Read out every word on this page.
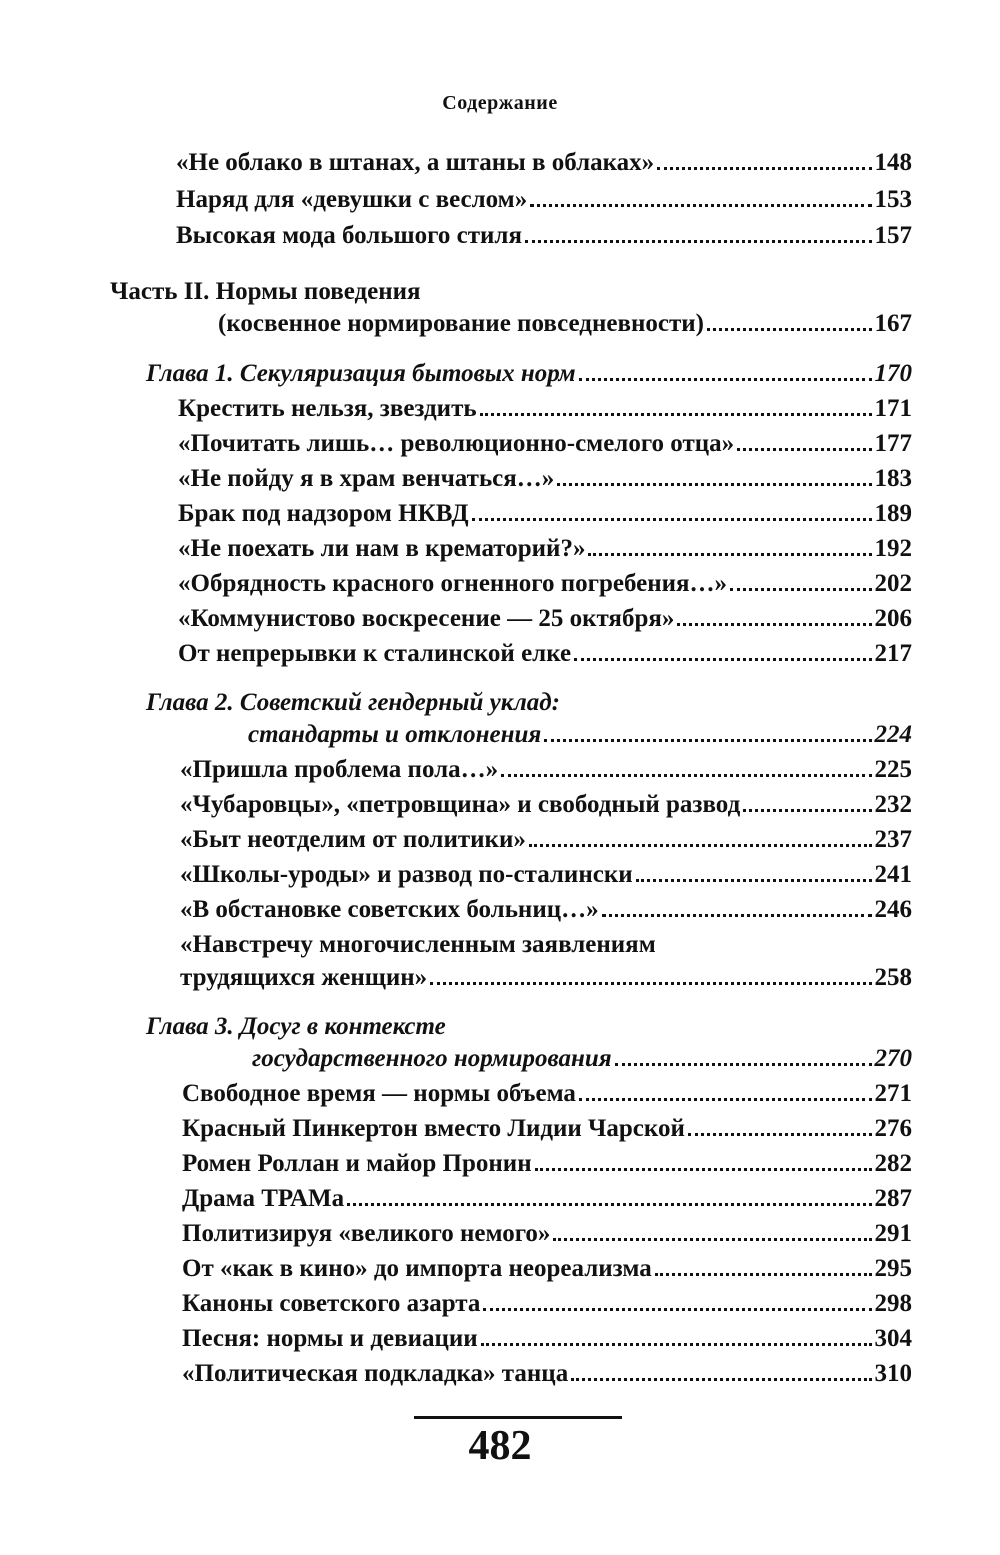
Содержание
«Не облако в штанах, а штаны в облаках»	148
Наряд для «девушки с веслом»	153
Высокая мода большого стиля	157
Часть II. Нормы поведения
(косвенное нормирование повседневности)	167
Глава 1. Секуляризация бытовых норм	170
Крестить нельзя, звездить	171
«Почитать лишь… революционно-смелого отца»	177
«Не пойду я в храм венчаться…»	183
Брак под надзором НКВД	189
«Не поехать ли нам в крематорий?»	192
«Обрядность красного огненного погребения…»	202
«Коммунистово воскресение — 25 октября»	206
От непрерывки к сталинской елке	217
Глава 2. Советский гендерный уклад:
стандарты и отклонения	224
«Пришла проблема пола…»	225
«Чубаровцы», «петровщина» и свободный развод	232
«Быт неотделим от политики»	237
«Школы-уроды» и развод по-сталински	241
«В обстановке советских больниц…»	246
«Навстречу многочисленным заявлениям
трудящихся женщин»	258
Глава 3. Досуг в контексте
государственного нормирования	270
Свободное время — нормы объема	271
Красный Пинкертон вместо Лидии Чарской	276
Ромен Роллан и майор Пронин	282
Драма ТРАМа	287
Политизируя «великого немого»	291
От «как в кино» до импорта неореализма	295
Каноны советского азарта	298
Песня: нормы и девиации	304
«Политическая подкладка» танца	310
482
